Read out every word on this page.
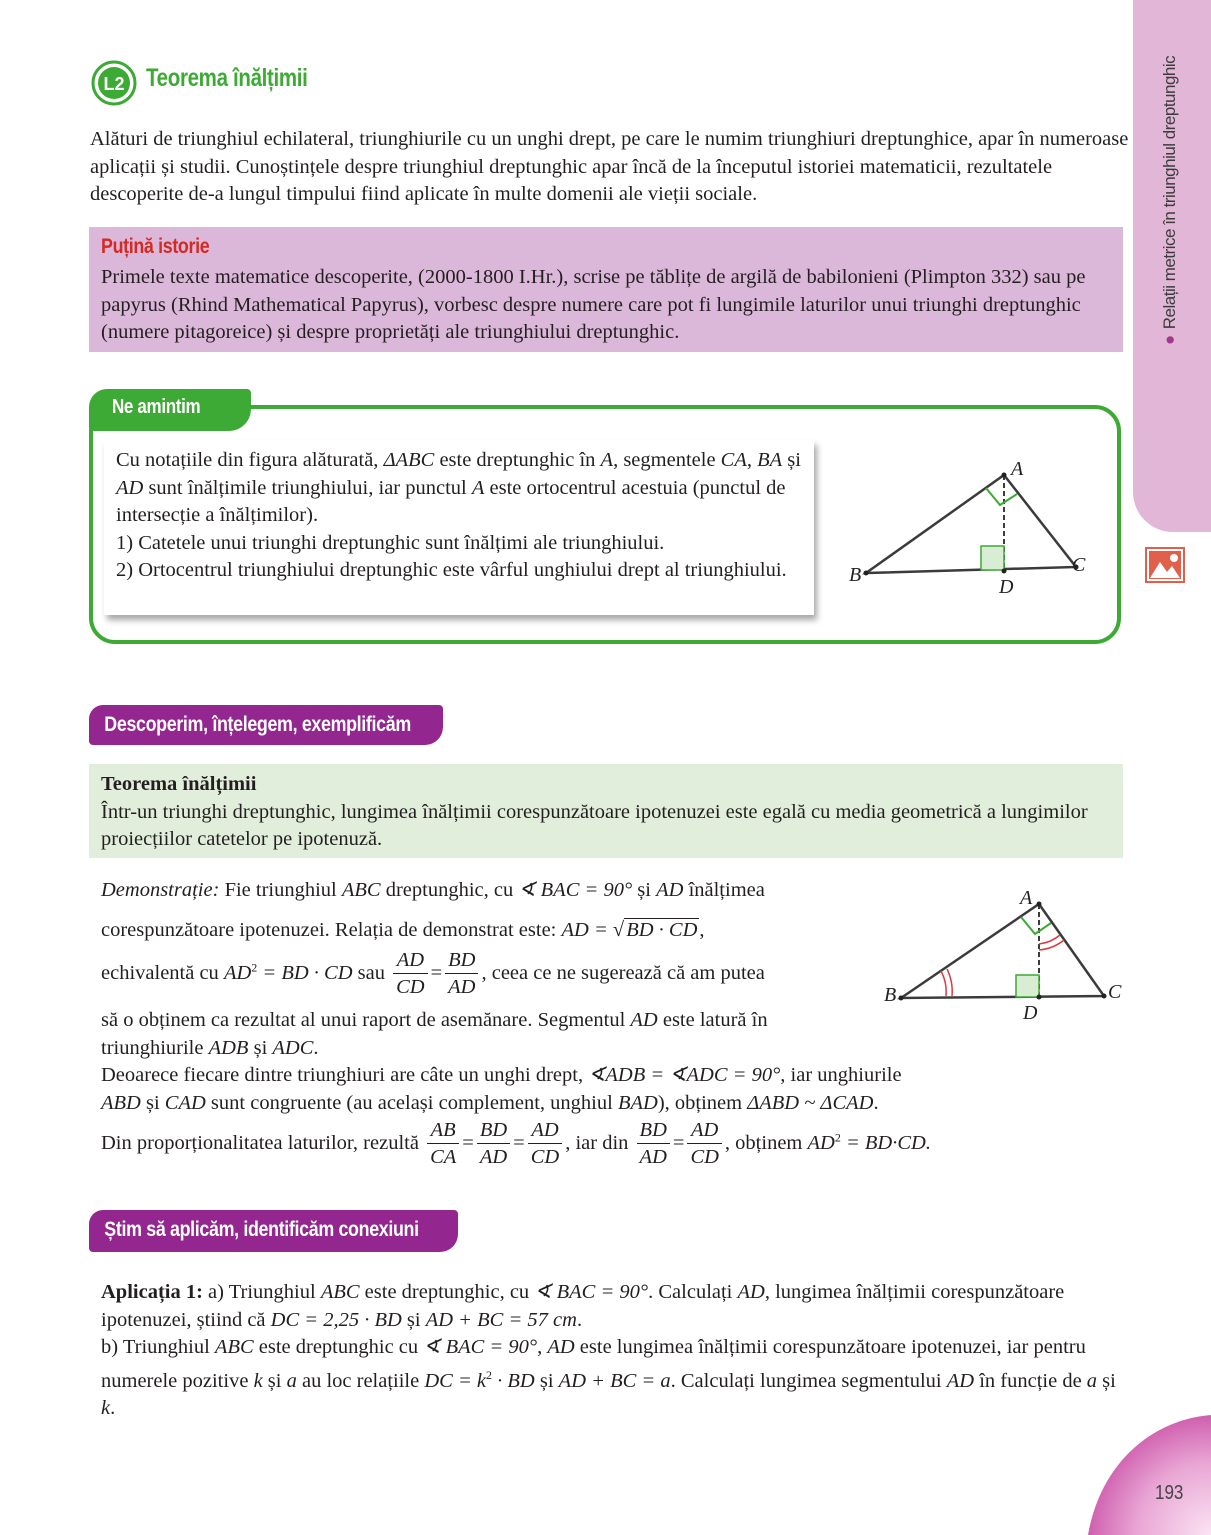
●Relații metrice în triunghiul dreptunghic
L2 Teorema înălțimii
Alături de triunghiul echilateral, triunghiurile cu un unghi drept, pe care le numim triunghiuri dreptunghice, apar în numeroase aplicații și studii. Cunoștințele despre triunghiul dreptunghic apar încă de la începutul istoriei matematicii, rezultatele descoperite de-a lungul timpului fiind aplicate în multe domenii ale vieții sociale.
Puțină istorie
Primele texte matematice descoperite, (2000-1800 I.Hr.), scrise pe tăblițe de argilă de babilonieni (Plimpton 332) sau pe papyrus (Rhind Mathematical Papyrus), vorbesc despre numere care pot fi lungimile laturilor unui triunghi dreptunghic (numere pitagoreice) și despre proprietăți ale triunghiului dreptunghic.
Ne amintim
Cu notațiile din figura alăturată, ΔABC este dreptunghic în A, segmentele CA, BA și AD sunt înălțimile triunghiului, iar punctul A este ortocentrul acestuia (punctul de intersecție a înălțimilor).
1) Catetele unui triunghi dreptunghic sunt înălțimi ale triunghiului.
2) Ortocentrul triunghiului dreptunghic este vârful unghiului drept al triunghiului.
A
B	C
D
Descoperim, înțelegem, exemplificăm
Teorema înălțimii
Într-un triunghi dreptunghic, lungimea înălțimii corespunzătoare ipotenuzei este egală cu media geometrică a lungimilor proiecțiilor catetelor pe ipotenuză.
Demonstrație: Fie triunghiul ABC dreptunghic, cu ∢ BAC = 90° și AD înălțimea
corespunzătoare ipotenuzei. Relația de demonstrat este: AD = √BD · CD,
echivalentă cu $AD^2$ = BD · CD sau $\frac{AD}{CD} = \frac{BD}{AD}$ , ceea ce ne sugerează că am putea
să o obținem ca rezultat al unui raport de asemănare. Segmentul AD este latură în
triunghiurile ADB și ADC.
Deoarece fiecare dintre triunghiuri are câte un unghi drept, ∢ADB = ∢ADC = 90°, iar unghiurile
ABD și CAD sunt congruente (au același complement, unghiul BAD), obținem ΔABD ~ ΔCAD.
Din proporționalitatea laturilor, rezultă $\frac{AB}{CA} = \frac{BD}{AD} = \frac{AD}{CD}$ , iar din $\frac{BD}{AD} = \frac{AD}{CD}$ , obținem $AD^2 = BD\cdot CD$.
A
B	C
D
Știm să aplicăm, identificăm conexiuni
Aplicația 1: a) Triunghiul ABC este dreptunghic, cu ∢ BAC = 90°. Calculați AD, lungimea înălțimii corespunzătoare ipotenuzei, știind că DC = 2,25 · BD și AD + BC = 57 cm.
b) Triunghiul ABC este dreptunghic cu ∢ BAC = 90°, AD este lungimea înălțimii corespunzătoare ipotenuzei, iar pentru numerele pozitive k și a au loc relațiile DC = $k^2$ · BD și AD + BC = a. Calculați lungimea segmentului AD în funcție de a și k.
193
